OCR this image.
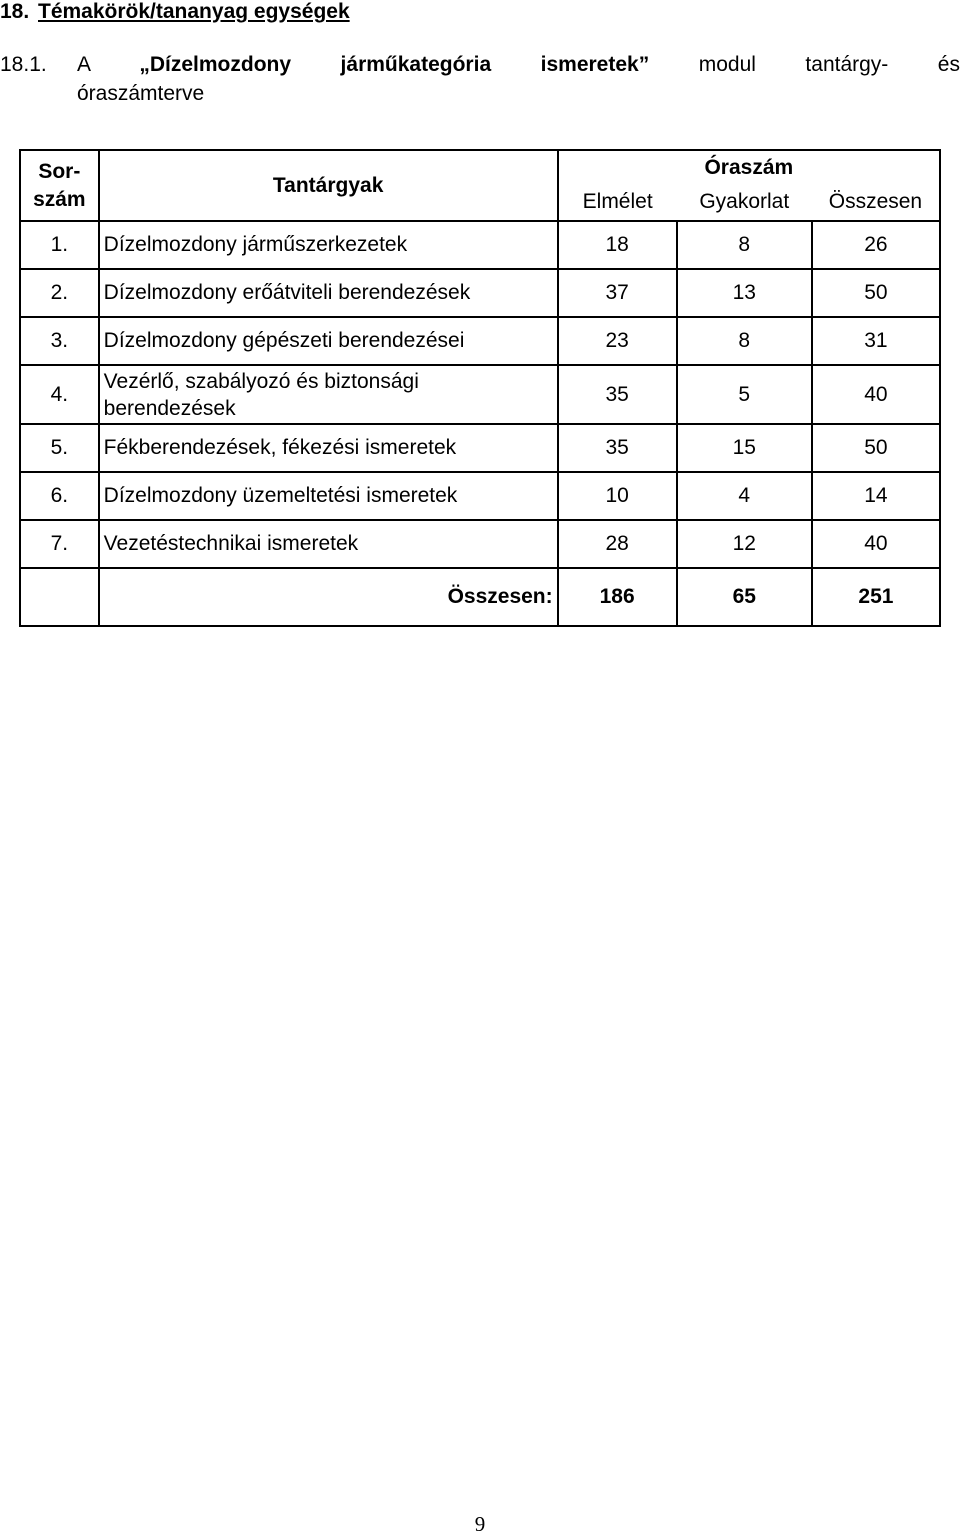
18. Témakörök/tananyag egységek
18.1. A „Dízelmozdony járműkategória ismeretek” modul tantárgy- és
óraszámterve
Sor-
szám	Tantárgyak	Óraszám		
		Elmélet	Gyakorlat	Összesen
1.	Dízelmozdony járműszerkezetek	18	8	26
2.	Dízelmozdony erőátviteli berendezések	37	13	50
3.	Dízelmozdony gépészeti berendezései	23	8	31
4.	Vezérlő, szabályozó és biztonsági
berendezések	35	5	40
5.	Fékberendezések, fékezési ismeretek	35	15	50
6.	Dízelmozdony üzemeltetési ismeretek	10	4	14
7.	Vezetéstechnikai ismeretek	28	12	40
	Összesen:	186	65	251
9
